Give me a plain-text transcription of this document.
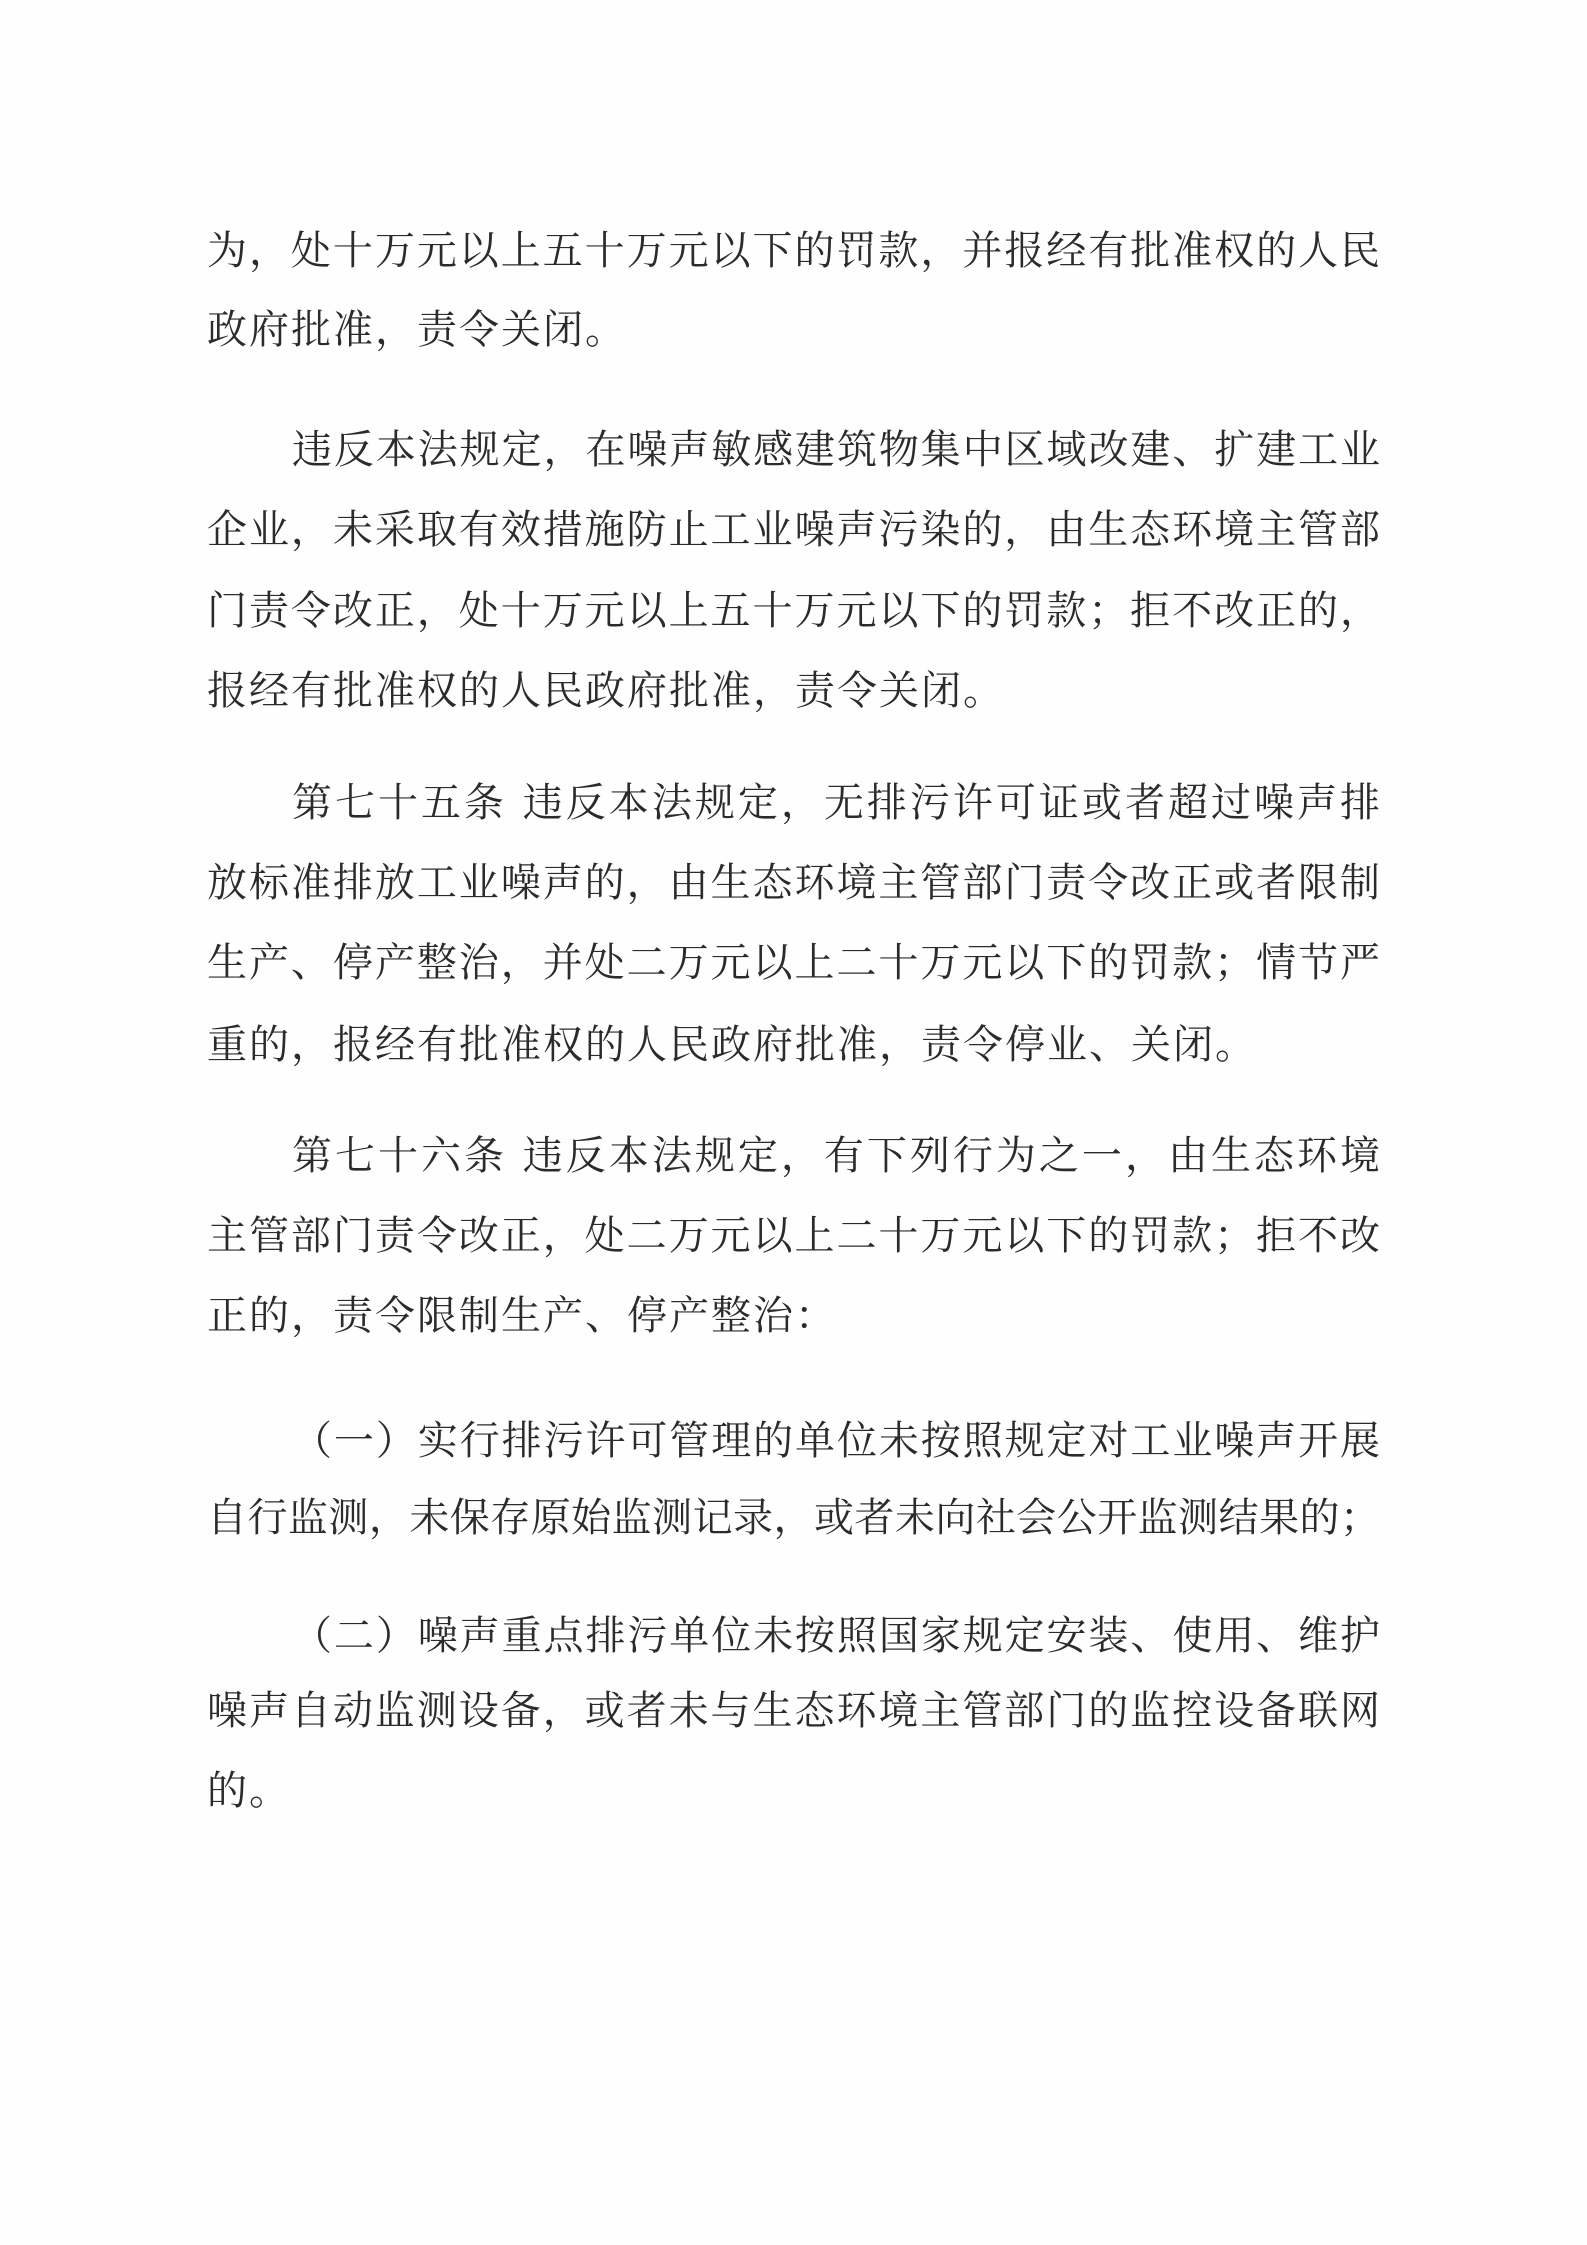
为，处十万元以上五十万元以下的罚款，并报经有批准权的人民
政府批准，责令关闭。
违反本法规定，在噪声敏感建筑物集中区域改建、扩建工业
企业，未采取有效措施防止工业噪声污染的，由生态环境主管部
门责令改正，处十万元以上五十万元以下的罚款；拒不改正的，
报经有批准权的人民政府批准，责令关闭。
第七十五条 违反本法规定，无排污许可证或者超过噪声排
放标准排放工业噪声的，由生态环境主管部门责令改正或者限制
生产、停产整治，并处二万元以上二十万元以下的罚款；情节严
重的，报经有批准权的人民政府批准，责令停业、关闭。
第七十六条 违反本法规定，有下列行为之一，由生态环境
主管部门责令改正，处二万元以上二十万元以下的罚款；拒不改
正的，责令限制生产、停产整治：
（一）实行排污许可管理的单位未按照规定对工业噪声开展
自行监测，未保存原始监测记录，或者未向社会公开监测结果的；
（二）噪声重点排污单位未按照国家规定安装、使用、维护
噪声自动监测设备，或者未与生态环境主管部门的监控设备联网
的。
